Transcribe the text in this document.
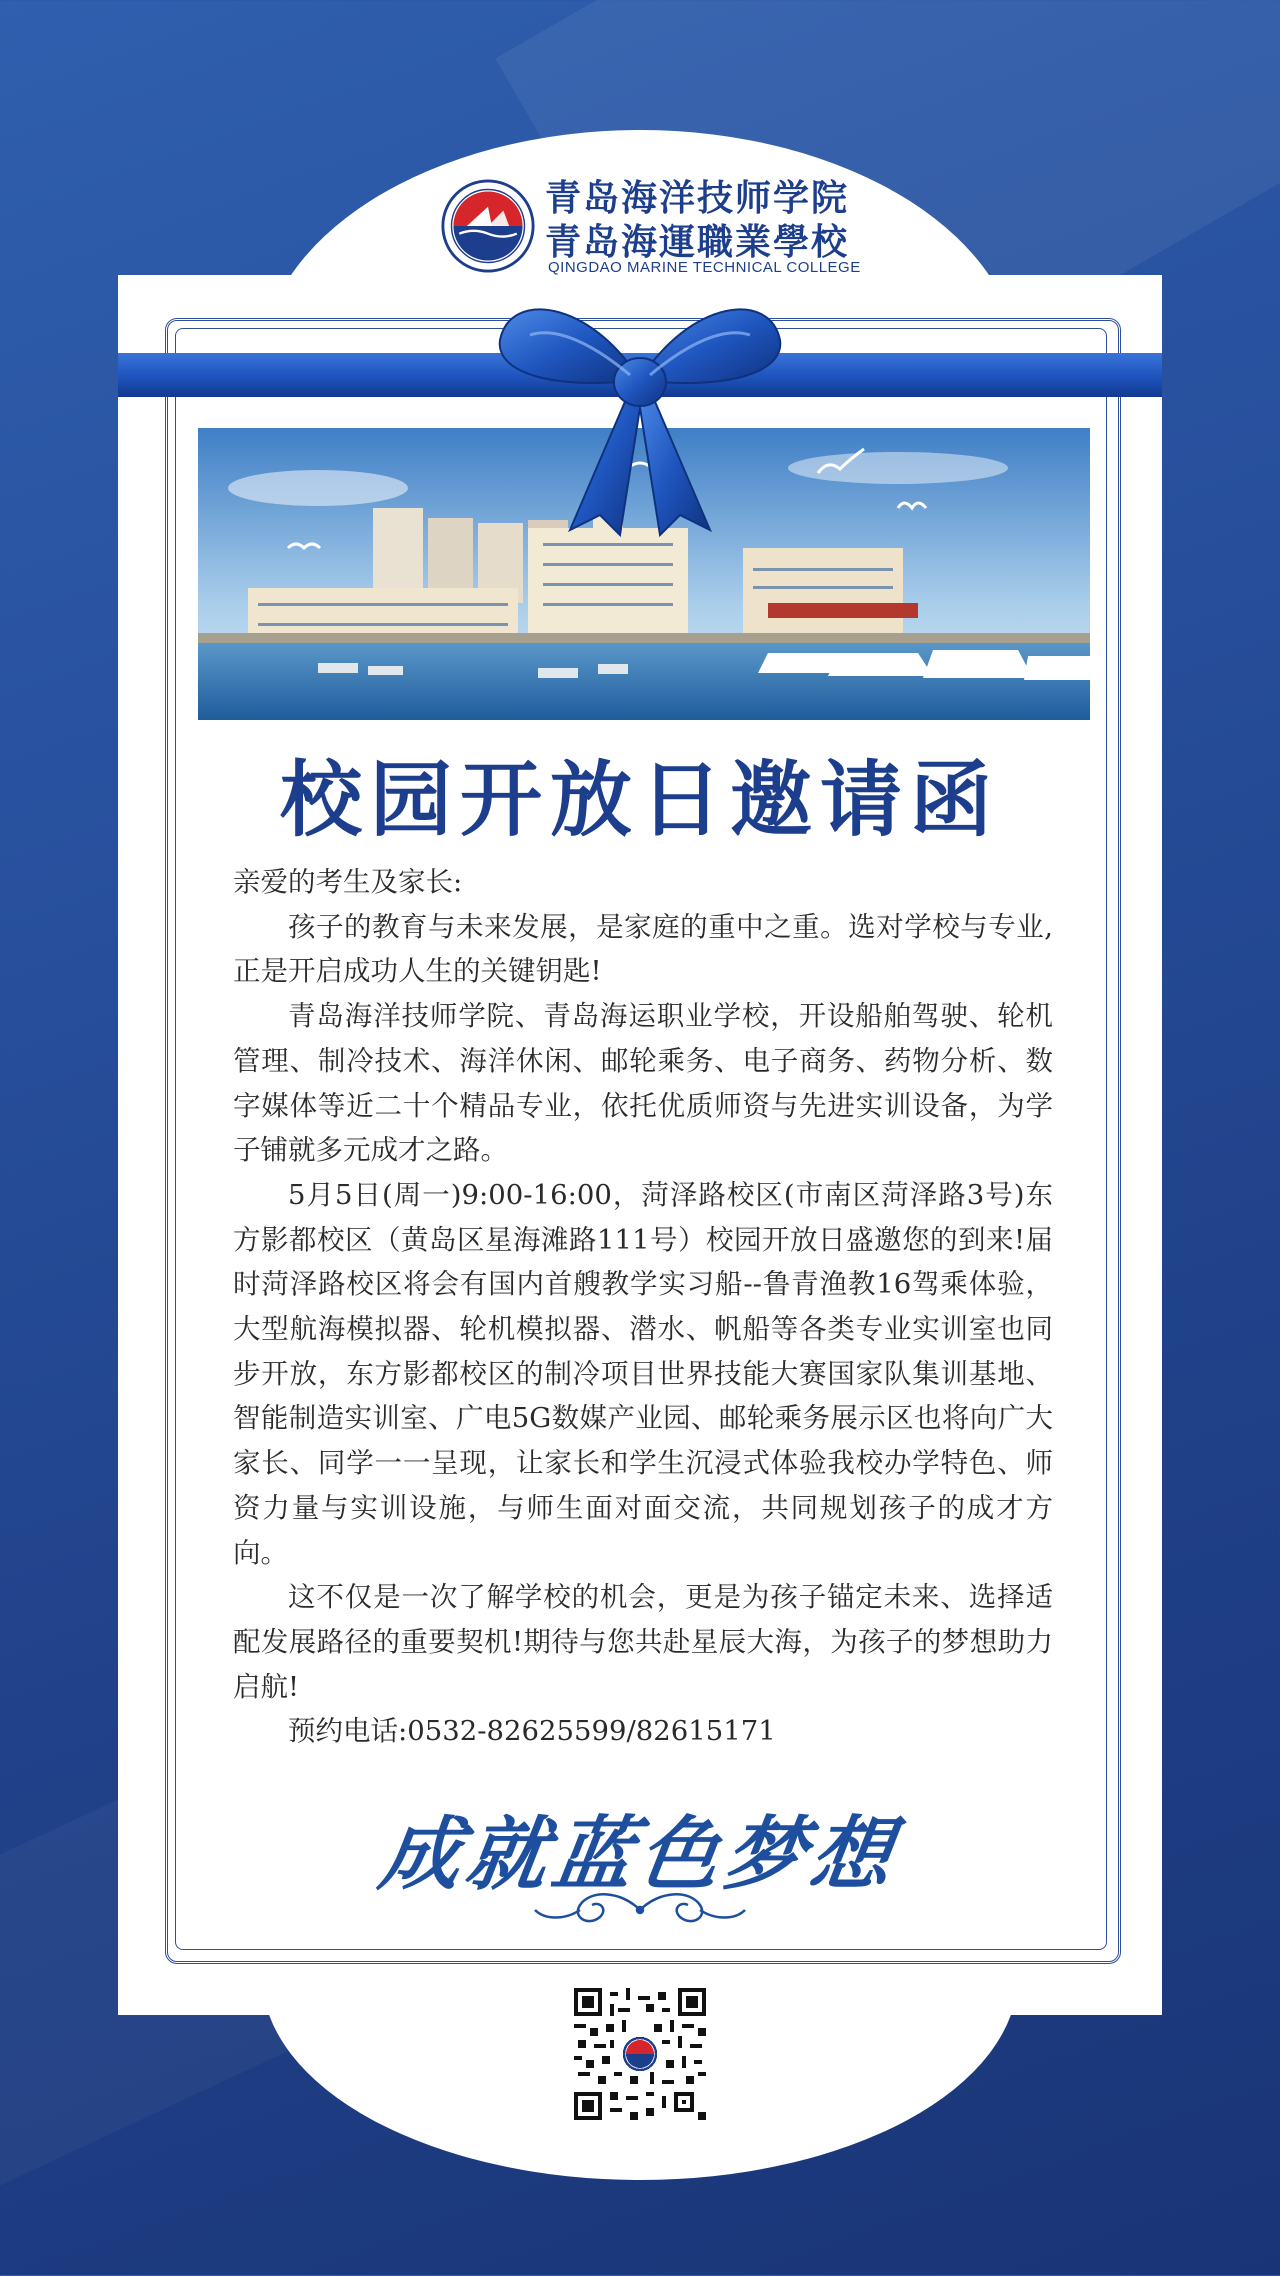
青岛海洋技师学院
青岛海運職業學校
QINGDAO MARINE TECHNICAL COLLEGE
校园开放日邀请函

亲爱的考生及家长:

孩子的教育与未来发展，是家庭的重中之重。选对学校与专业,正是开启成功人生的关键钥匙!

青岛海洋技师学院、青岛海运职业学校，开设船舶驾驶、轮机管理、制冷技术、海洋休闲、邮轮乘务、电子商务、药物分析、数字媒体等近二十个精品专业，依托优质师资与先进实训设备，为学子铺就多元成才之路。

5月5日(周一)9:00-16:00，菏泽路校区(市南区菏泽路3号)东方影都校区（黄岛区星海滩路111号）校园开放日盛邀您的到来!届时菏泽路校区将会有国内首艘教学实习船--鲁青渔教16驾乘体验，大型航海模拟器、轮机模拟器、潜水、帆船等各类专业实训室也同步开放，东方影都校区的制冷项目世界技能大赛国家队集训基地、智能制造实训室、广电5G数媒产业园、邮轮乘务展示区也将向广大家长、同学一一呈现，让家长和学生沉浸式体验我校办学特色、师资力量与实训设施，与师生面对面交流，共同规划孩子的成才方向。

这不仅是一次了解学校的机会，更是为孩子锚定未来、选择适配发展路径的重要契机!期待与您共赴星辰大海，为孩子的梦想助力启航!

预约电话:0532-82625599/82615171

成就蓝色梦想
